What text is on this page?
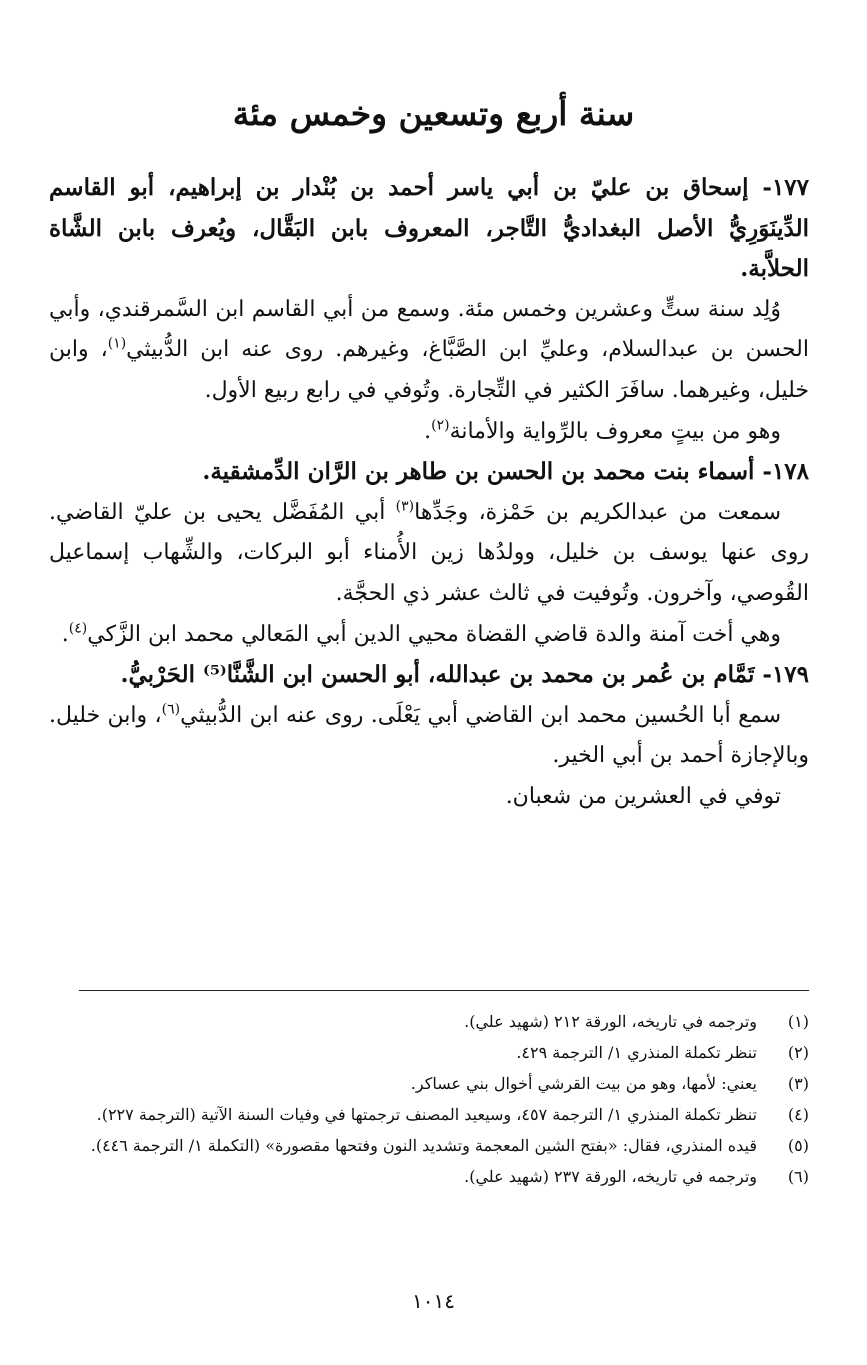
سنة أربع وتسعين وخمس مئة

١٧٧- إسحاق بن عليّ بن أبي ياسر أحمد بن بُنْدار بن إبراهيم، أبو القاسم الدِّينَوَرِيُّ الأصل البغداديُّ التَّاجر، المعروف بابن البَقَّال، ويُعرف بابن الشَّاة الحلاَّبة.

وُلِد سنة ستٍّ وعشرين وخمس مئة. وسمع من أبي القاسم ابن السَّمرقندي، وأبي الحسن بن عبدالسلام، وعليِّ ابن الصَّبَّاغ، وغيرهم. روى عنه ابن الدُّبيثي$^{(١)}$، وابن خليل، وغيرهما. سافَرَ الكثير في التِّجارة. وتُوفي في رابع ربيع الأول.

وهو من بيتٍ معروف بالرِّواية والأمانة$^{(٢)}$.

١٧٨- أسماء بنت محمد بن الحسن بن طاهر بن الرَّان الدِّمشقية.

سمعت من عبدالكريم بن حَمْزة، وجَدِّها$^{(٣)}$ أبي المُفَضَّل يحيى بن عليّ القاضي. روى عنها يوسف بن خليل، وولدُها زين الأُمناء أبو البركات، والشِّهاب إسماعيل القُوصي، وآخرون. وتُوفيت في ثالث عشر ذي الحجَّة.

وهي أخت آمنة والدة قاضي القضاة محيي الدين أبي المَعالي محمد ابن الزَّكي$^{(٤)}$.

١٧٩- تَمَّام بن عُمر بن محمد بن عبدالله، أبو الحسن ابن الشَّنَّا⁽⁵⁾ الحَرْبيُّ.

سمع أبا الحُسين محمد ابن القاضي أبي يَعْلَى. روى عنه ابن الدُّبيثي$^{(٦)}$، وابن خليل. وبالإجازة أحمد بن أبي الخير.

توفي في العشرين من شعبان.

(١)
وترجمه في تاريخه، الورقة ٢١٢ (شهيد علي).
(٢)
تنظر تكملة المنذري ١/ الترجمة ٤٢٩.
(٣)
يعني: لأمها، وهو من بيت القرشي أخوال بني عساكر.
(٤)
تنظر تكملة المنذري ١/ الترجمة ٤٥٧، وسيعيد المصنف ترجمتها في وفيات السنة الآتية (الترجمة ٢٢٧).
(٥)
قيده المنذري، فقال: «بفتح الشين المعجمة وتشديد النون وفتحها مقصورة» (التكملة ١/ الترجمة ٤٤٦).
(٦)
وترجمه في تاريخه، الورقة ٢٣٧ (شهيد علي).
١٠١٤
